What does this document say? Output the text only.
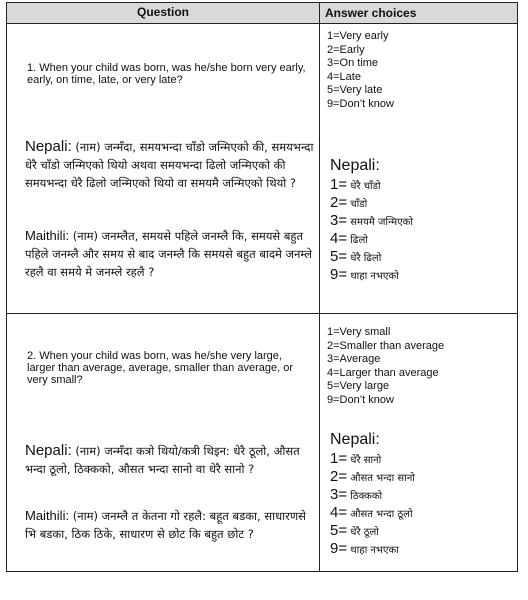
Question	Answer choices
1. When your child was born, was he/she born very early, early, on time, late, or very late?
1=Very early
2=Early
3=On time
4=Late
5=Very late
9=Don’t know
Nepali: (नाम) जन्मँदा, समयभन्दा चाँडो जन्मिएको की, समयभन्दा धेरै चाँडो जन्मिएको थियो अथवा समयभन्दा ढिलो जन्मिएको की समयभन्दा धेरै ढिलो जन्मिएको थियो वा समयमै जन्मिएको थियो ?
Maithili: (नाम) जनम्लैत, समयसे पहिले जनम्लै कि, समयसे बहुत पहिले जनम्लै और समय से बाद जनम्लै कि समयसे बहुत बादमे जनम्ले रहलै वा समये मे जनम्ले रहलै ?
Nepali:
1= धेरै चाँडो
2= चाँडो
3= समयमै जन्मिएको
4= ढिलो
5= धेरै ढिलो
9= थाहा नभएको
2. When your child was born, was he/she very large, larger than average, average, smaller than average, or very small?
1=Very small
2=Smaller than average
3=Average
4=Larger than average
5=Very large
9=Don’t know
Nepali: (नाम) जन्मँदा कत्रो थियो/कत्री थिइन: धेरै ठूलो, औसत भन्दा ठूलो, ठिक्कको, औसत भन्दा सानो वा धेरै सानो ?
Maithili: (नाम) जनम्लै त केतना गो रहलै: बहूत बडका, साधारणसे भि बडका, ठिक ठिके, साधारण से छोट कि बहुत छोट ?
Nepali:
1= धेरै सानो
2= औसत भन्दा सानो
3= ठिक्कको
4= औसत भन्दा ठूलो
5= धेरै ठूलो
9= थाहा नभएका
